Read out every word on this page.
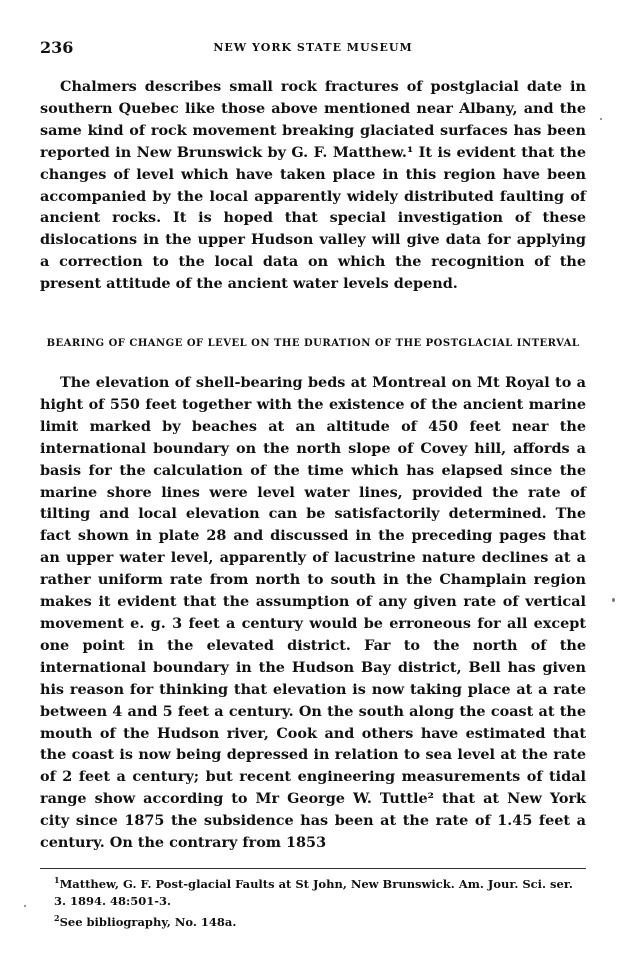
236	NEW YORK STATE MUSEUM

Chalmers describes small rock fractures of postglacial date in southern Quebec like those above mentioned near Albany, and the same kind of rock movement breaking glaciated surfaces has been reported in New Brunswick by G. F. Matthew.¹ It is evident that the changes of level which have taken place in this region have been accompanied by the local apparently widely distributed faulting of ancient rocks. It is hoped that special investigation of these dislocations in the upper Hudson valley will give data for applying a correction to the local data on which the recognition of the present attitude of the ancient water levels depend.

BEARING OF CHANGE OF LEVEL ON THE DURATION OF THE POSTGLACIAL INTERVAL

The elevation of shell-bearing beds at Montreal on Mt Royal to a hight of 550 feet together with the existence of the ancient marine limit marked by beaches at an altitude of 450 feet near the international boundary on the north slope of Covey hill, affords a basis for the calculation of the time which has elapsed since the marine shore lines were level water lines, provided the rate of tilting and local elevation can be satisfactorily determined. The fact shown in plate 28 and discussed in the preceding pages that an upper water level, apparently of lacustrine nature declines at a rather uniform rate from north to south in the Champlain region makes it evident that the assumption of any given rate of vertical movement e. g. 3 feet a century would be erroneous for all except one point in the elevated district. Far to the north of the international boundary in the Hudson Bay district, Bell has given his reason for thinking that elevation is now taking place at a rate between 4 and 5 feet a century. On the south along the coast at the mouth of the Hudson river, Cook and others have estimated that the coast is now being depressed in relation to sea level at the rate of 2 feet a century; but recent engineering measurements of tidal range show according to Mr George W. Tuttle² that at New York city since 1875 the subsidence has been at the rate of 1.45 feet a century. On the contrary from 1853

$^1$Matthew, G. F. Post-glacial Faults at St John, New Brunswick. Am. Jour. Sci. ser. 3. 1894. 48:501-3.

$^2$See bibliography, No. 148a.
